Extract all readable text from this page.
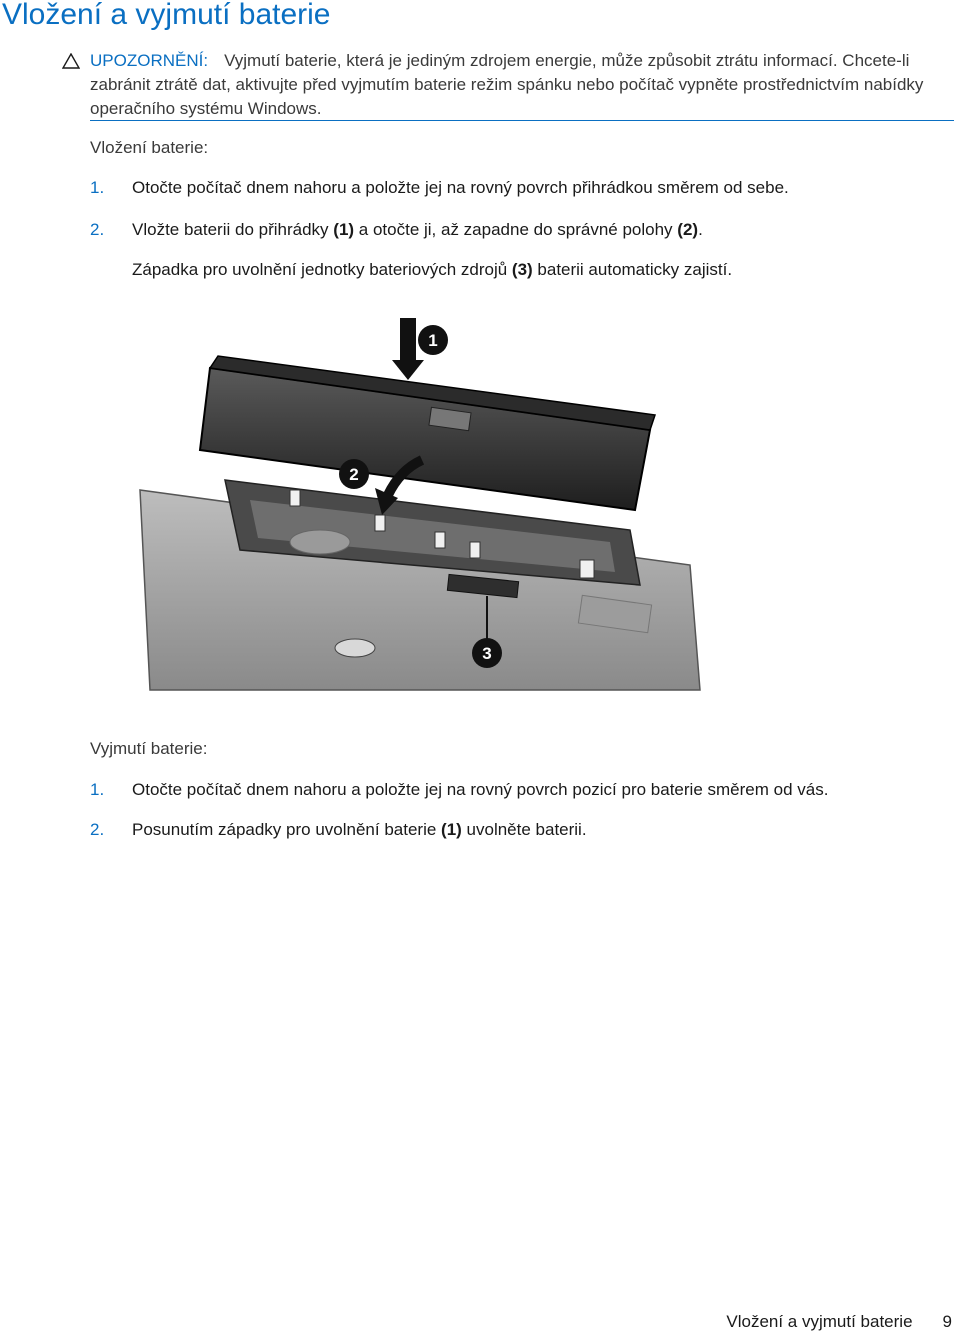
Vložení a vyjmutí baterie
UPOZORNĚNÍ: Vyjmutí baterie, která je jediným zdrojem energie, může způsobit ztrátu informací. Chcete-li zabránit ztrátě dat, aktivujte před vyjmutím baterie režim spánku nebo počítač vypněte prostřednictvím nabídky operačního systému Windows.
Vložení baterie:
1. Otočte počítač dnem nahoru a položte jej na rovný povrch přihrádkou směrem od sebe.
2. Vložte baterii do přihrádky (1) a otočte ji, až zapadne do správné polohy (2).
Západka pro uvolnění jednotky bateriových zdrojů (3) baterii automaticky zajistí.
1
2
3
Vyjmutí baterie:
1. Otočte počítač dnem nahoru a položte jej na rovný povrch pozicí pro baterie směrem od vás.
2. Posunutím západky pro uvolnění baterie (1) uvolněte baterii.
Vložení a vyjmutí baterie 9
